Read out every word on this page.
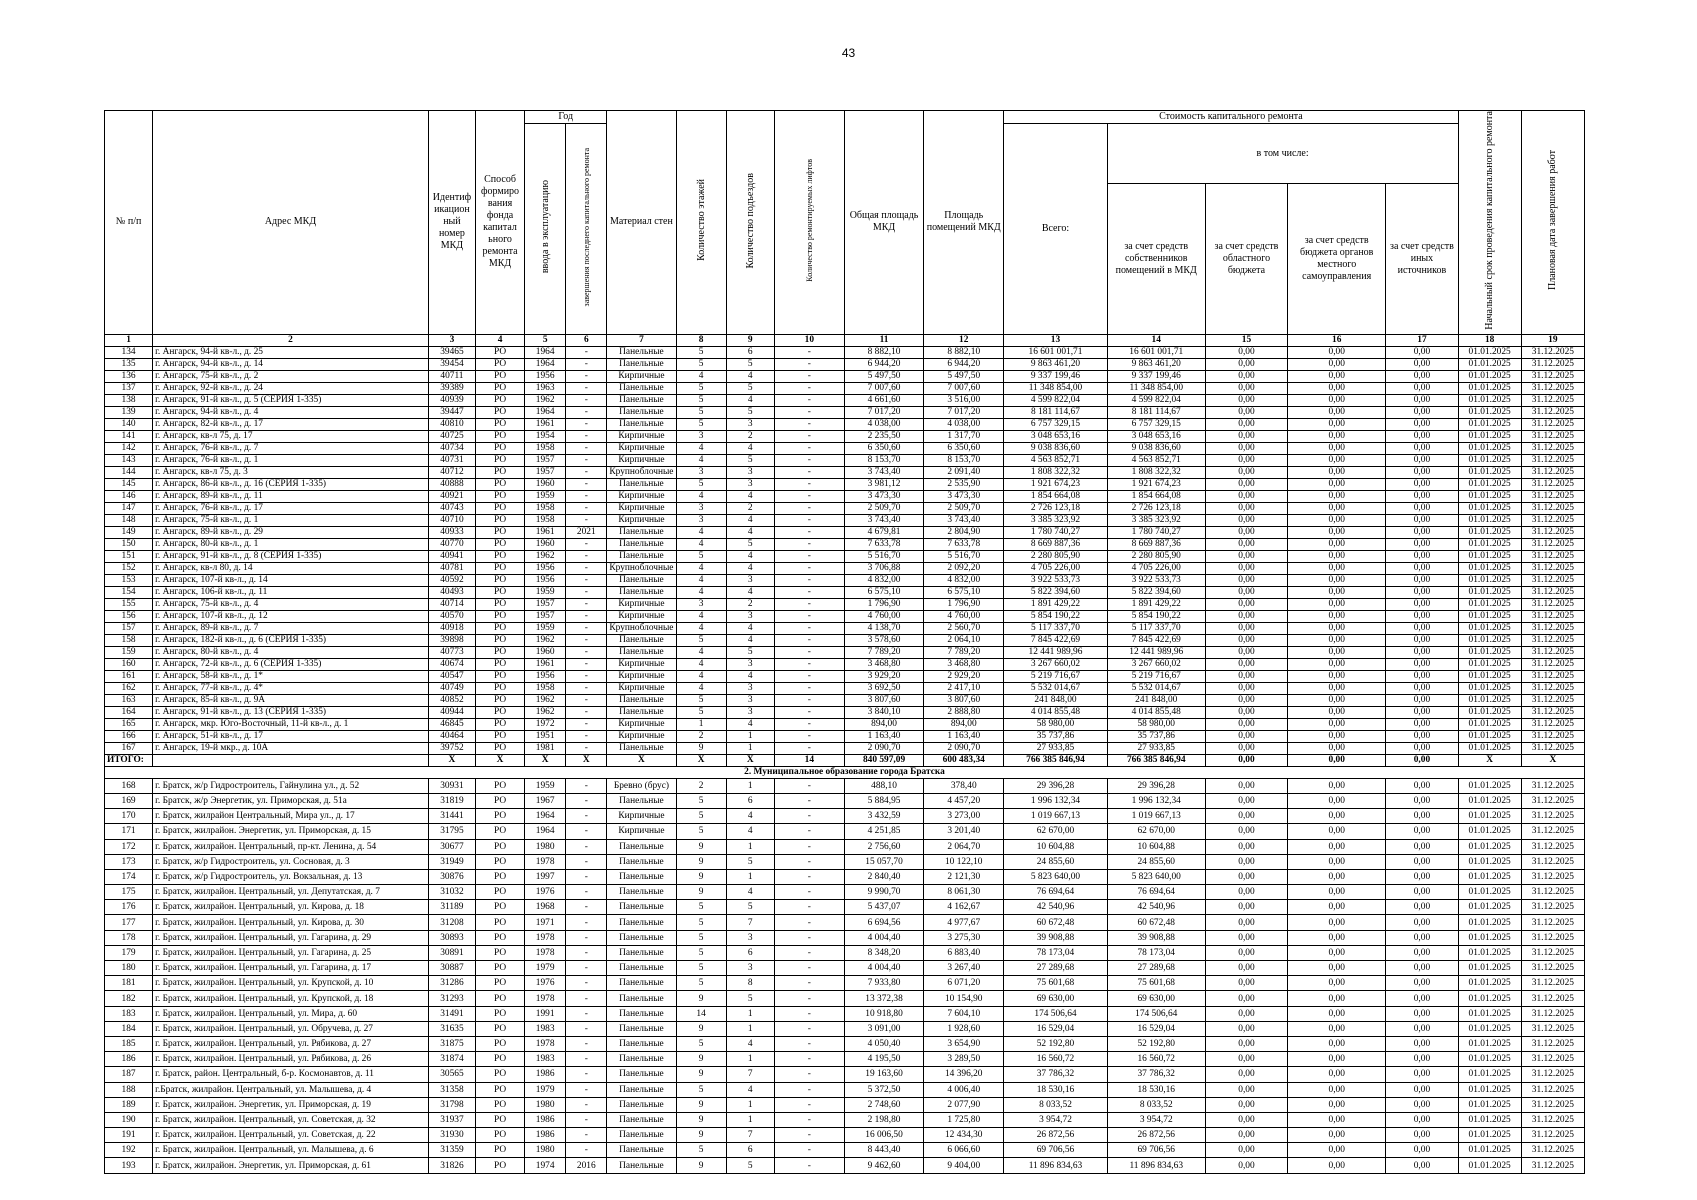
43
№ п/п	Адрес МКД	Идентиф икацион ный номер МКД	Способ формиро вания фонда капитал ьного ремонта МКД	Год		Материал стен	Количество этажей	Количество подъездов	Количество ремонтируемых лифтов	Общая площадь МКД	Площадь помещений МКД	Стоимость капитального ремонта					Начальный срок проведения капитального ремонта	Плановая дата завершения работ
				ввода в эксплуатацию	завершения последнего капитального ремонта							Всего:	в том числе:					
													за счет средств собственников помещений в МКД	за счет средств областного бюджета	за счет средств бюджета органов местного самоуправления	за счет средств иных источников		
1	2	3	4	5	6	7	8	9	10	11	12	13	14	15	16	17	18	19
134	г. Ангарск, 94-й кв-л., д. 25	39465	РО	1964	-	Панельные	5	6	-	8 882,10	8 882,10	16 601 001,71	16 601 001,71	0,00	0,00	0,00	01.01.2025	31.12.2025
135	г. Ангарск, 94-й кв-л., д. 14	39454	РО	1964	-	Панельные	5	5	-	6 944,20	6 944,20	9 863 461,20	9 863 461,20	0,00	0,00	0,00	01.01.2025	31.12.2025
136	г. Ангарск, 75-й кв-л., д. 2	40711	РО	1956	-	Кирпичные	4	4	-	5 497,50	5 497,50	9 337 199,46	9 337 199,46	0,00	0,00	0,00	01.01.2025	31.12.2025
137	г. Ангарск, 92-й кв-л., д. 24	39389	РО	1963	-	Панельные	5	5	-	7 007,60	7 007,60	11 348 854,00	11 348 854,00	0,00	0,00	0,00	01.01.2025	31.12.2025
138	г. Ангарск, 91-й кв-л., д. 5 (СЕРИЯ 1-335)	40939	РО	1962	-	Панельные	5	4	-	4 661,60	3 516,00	4 599 822,04	4 599 822,04	0,00	0,00	0,00	01.01.2025	31.12.2025
139	г. Ангарск, 94-й кв-л., д. 4	39447	РО	1964	-	Панельные	5	5	-	7 017,20	7 017,20	8 181 114,67	8 181 114,67	0,00	0,00	0,00	01.01.2025	31.12.2025
140	г. Ангарск, 82-й кв-л., д. 17	40810	РО	1961	-	Панельные	5	3	-	4 038,00	4 038,00	6 757 329,15	6 757 329,15	0,00	0,00	0,00	01.01.2025	31.12.2025
141	г. Ангарск, кв-л 75, д. 17	40725	РО	1954	-	Кирпичные	3	2	-	2 235,50	1 317,70	3 048 653,16	3 048 653,16	0,00	0,00	0,00	01.01.2025	31.12.2025
142	г. Ангарск, 76-й кв-л., д. 7	40734	РО	1958	-	Кирпичные	4	4	-	6 350,60	6 350,60	9 038 836,60	9 038 836,60	0,00	0,00	0,00	01.01.2025	31.12.2025
143	г. Ангарск, 76-й кв-л., д. 1	40731	РО	1957	-	Кирпичные	4	5	-	8 153,70	8 153,70	4 563 852,71	4 563 852,71	0,00	0,00	0,00	01.01.2025	31.12.2025
144	г. Ангарск, кв-л 75, д. 3	40712	РО	1957	-	Крупноблочные	3	3	-	3 743,40	2 091,40	1 808 322,32	1 808 322,32	0,00	0,00	0,00	01.01.2025	31.12.2025
145	г. Ангарск, 86-й кв-л., д. 16 (СЕРИЯ 1-335)	40888	РО	1960	-	Панельные	5	3	-	3 981,12	2 535,90	1 921 674,23	1 921 674,23	0,00	0,00	0,00	01.01.2025	31.12.2025
146	г. Ангарск, 89-й кв-л., д. 11	40921	РО	1959	-	Кирпичные	4	4	-	3 473,30	3 473,30	1 854 664,08	1 854 664,08	0,00	0,00	0,00	01.01.2025	31.12.2025
147	г. Ангарск, 76-й кв-л., д. 17	40743	РО	1958	-	Кирпичные	3	2	-	2 509,70	2 509,70	2 726 123,18	2 726 123,18	0,00	0,00	0,00	01.01.2025	31.12.2025
148	г. Ангарск, 75-й кв-л., д. 1	40710	РО	1958	-	Кирпичные	3	4	-	3 743,40	3 743,40	3 385 323,92	3 385 323,92	0,00	0,00	0,00	01.01.2025	31.12.2025
149	г. Ангарск, 89-й кв-л., д. 29	40933	РО	1961	2021	Панельные	4	4	-	4 679,81	2 804,90	1 780 740,27	1 780 740,27	0,00	0,00	0,00	01.01.2025	31.12.2025
150	г. Ангарск, 80-й кв-л., д. 1	40770	РО	1960	-	Панельные	4	5	-	7 633,78	7 633,78	8 669 887,36	8 669 887,36	0,00	0,00	0,00	01.01.2025	31.12.2025
151	г. Ангарск, 91-й кв-л., д. 8 (СЕРИЯ 1-335)	40941	РО	1962	-	Панельные	5	4	-	5 516,70	5 516,70	2 280 805,90	2 280 805,90	0,00	0,00	0,00	01.01.2025	31.12.2025
152	г. Ангарск, кв-л 80, д. 14	40781	РО	1956	-	Крупноблочные	4	4	-	3 706,88	2 092,20	4 705 226,00	4 705 226,00	0,00	0,00	0,00	01.01.2025	31.12.2025
153	г. Ангарск, 107-й кв-л., д. 14	40592	РО	1956	-	Панельные	4	3	-	4 832,00	4 832,00	3 922 533,73	3 922 533,73	0,00	0,00	0,00	01.01.2025	31.12.2025
154	г. Ангарск, 106-й кв-л., д. 11	40493	РО	1959	-	Панельные	4	4	-	6 575,10	6 575,10	5 822 394,60	5 822 394,60	0,00	0,00	0,00	01.01.2025	31.12.2025
155	г. Ангарск, 75-й кв-л., д. 4	40714	РО	1957	-	Кирпичные	3	2	-	1 796,90	1 796,90	1 891 429,22	1 891 429,22	0,00	0,00	0,00	01.01.2025	31.12.2025
156	г. Ангарск, 107-й кв-л., д. 12	40570	РО	1957	-	Кирпичные	4	3	-	4 760,00	4 760,00	5 854 190,22	5 854 190,22	0,00	0,00	0,00	01.01.2025	31.12.2025
157	г. Ангарск, 89-й кв-л., д. 7	40918	РО	1959	-	Крупноблочные	4	4	-	4 138,70	2 560,70	5 117 337,70	5 117 337,70	0,00	0,00	0,00	01.01.2025	31.12.2025
158	г. Ангарск, 182-й кв-л., д. 6 (СЕРИЯ 1-335)	39898	РО	1962	-	Панельные	5	4	-	3 578,60	2 064,10	7 845 422,69	7 845 422,69	0,00	0,00	0,00	01.01.2025	31.12.2025
159	г. Ангарск, 80-й кв-л., д. 4	40773	РО	1960	-	Панельные	4	5	-	7 789,20	7 789,20	12 441 989,96	12 441 989,96	0,00	0,00	0,00	01.01.2025	31.12.2025
160	г. Ангарск, 72-й кв-л., д. 6 (СЕРИЯ 1-335)	40674	РО	1961	-	Кирпичные	4	3	-	3 468,80	3 468,80	3 267 660,02	3 267 660,02	0,00	0,00	0,00	01.01.2025	31.12.2025
161	г. Ангарск, 58-й кв-л., д. 1*	40547	РО	1956	-	Кирпичные	4	4	-	3 929,20	2 929,20	5 219 716,67	5 219 716,67	0,00	0,00	0,00	01.01.2025	31.12.2025
162	г. Ангарск, 77-й кв-л., д. 4*	40749	РО	1958	-	Кирпичные	4	3	-	3 692,50	2 417,10	5 532 014,67	5 532 014,67	0,00	0,00	0,00	01.01.2025	31.12.2025
163	г. Ангарск, 85-й кв-л., д. 9А	40852	РО	1962	-	Панельные	5	3	-	3 807,60	3 807,60	241 848,00	241 848,00	0,00	0,00	0,00	01.01.2025	31.12.2025
164	г. Ангарск, 91-й кв-л., д. 13 (СЕРИЯ 1-335)	40944	РО	1962	-	Панельные	5	3	-	3 840,10	2 888,80	4 014 855,48	4 014 855,48	0,00	0,00	0,00	01.01.2025	31.12.2025
165	г. Ангарск, мкр. Юго-Восточный, 11-й кв-л., д. 1	46845	РО	1972	-	Кирпичные	1	4	-	894,00	894,00	58 980,00	58 980,00	0,00	0,00	0,00	01.01.2025	31.12.2025
166	г. Ангарск, 51-й кв-л., д. 17	40464	РО	1951	-	Кирпичные	2	1	-	1 163,40	1 163,40	35 737,86	35 737,86	0,00	0,00	0,00	01.01.2025	31.12.2025
167	г. Ангарск, 19-й мкр., д. 10А	39752	РО	1981	-	Панельные	9	1	-	2 090,70	2 090,70	27 933,85	27 933,85	0,00	0,00	0,00	01.01.2025	31.12.2025
ИТОГО:		Х	Х	Х	Х	Х	Х	Х	14	840 597,09	600 483,34	766 385 846,94	766 385 846,94	0,00	0,00	0,00	Х	Х
2. Муниципальное образование города Братска																		
168	г. Братск, ж/р Гидростроитель, Гайнулина ул., д. 52	30931	РО	1959	-	Бревно (брус)	2	1	-	488,10	378,40	29 396,28	29 396,28	0,00	0,00	0,00	01.01.2025	31.12.2025
169	г. Братск, ж/р Энергетик, ул. Приморская, д. 51а	31819	РО	1967	-	Панельные	5	6	-	5 884,95	4 457,20	1 996 132,34	1 996 132,34	0,00	0,00	0,00	01.01.2025	31.12.2025
170	г. Братск, жилрайон Центральный, Мира ул., д. 17	31441	РО	1964	-	Кирпичные	5	4	-	3 432,59	3 273,00	1 019 667,13	1 019 667,13	0,00	0,00	0,00	01.01.2025	31.12.2025
171	г. Братск, жилрайон. Энергетик, ул. Приморская, д. 15	31795	РО	1964	-	Кирпичные	5	4	-	4 251,85	3 201,40	62 670,00	62 670,00	0,00	0,00	0,00	01.01.2025	31.12.2025
172	г. Братск, жилрайон. Центральный, пр-кт. Ленина, д. 54	30677	РО	1980	-	Панельные	9	1	-	2 756,60	2 064,70	10 604,88	10 604,88	0,00	0,00	0,00	01.01.2025	31.12.2025
173	г. Братск, ж/р Гидростроитель, ул. Сосновая, д. 3	31949	РО	1978	-	Панельные	9	5	-	15 057,70	10 122,10	24 855,60	24 855,60	0,00	0,00	0,00	01.01.2025	31.12.2025
174	г. Братск, ж/р Гидростроитель, ул. Вокзальная, д. 13	30876	РО	1997	-	Панельные	9	1	-	2 840,40	2 121,30	5 823 640,00	5 823 640,00	0,00	0,00	0,00	01.01.2025	31.12.2025
175	г. Братск, жилрайон. Центральный, ул. Депутатская, д. 7	31032	РО	1976	-	Панельные	9	4	-	9 990,70	8 061,30	76 694,64	76 694,64	0,00	0,00	0,00	01.01.2025	31.12.2025
176	г. Братск, жилрайон. Центральный, ул. Кирова, д. 18	31189	РО	1968	-	Панельные	5	5	-	5 437,07	4 162,67	42 540,96	42 540,96	0,00	0,00	0,00	01.01.2025	31.12.2025
177	г. Братск, жилрайон. Центральный, ул. Кирова, д. 30	31208	РО	1971	-	Панельные	5	7	-	6 694,56	4 977,67	60 672,48	60 672,48	0,00	0,00	0,00	01.01.2025	31.12.2025
178	г. Братск, жилрайон. Центральный, ул. Гагарина, д. 29	30893	РО	1978	-	Панельные	5	3	-	4 004,40	3 275,30	39 908,88	39 908,88	0,00	0,00	0,00	01.01.2025	31.12.2025
179	г. Братск, жилрайон. Центральный, ул. Гагарина, д. 25	30891	РО	1978	-	Панельные	5	6	-	8 348,20	6 883,40	78 173,04	78 173,04	0,00	0,00	0,00	01.01.2025	31.12.2025
180	г. Братск, жилрайон. Центральный, ул. Гагарина, д. 17	30887	РО	1979	-	Панельные	5	3	-	4 004,40	3 267,40	27 289,68	27 289,68	0,00	0,00	0,00	01.01.2025	31.12.2025
181	г. Братск, жилрайон. Центральный, ул. Крупской, д. 10	31286	РО	1976	-	Панельные	5	8	-	7 933,80	6 071,20	75 601,68	75 601,68	0,00	0,00	0,00	01.01.2025	31.12.2025
182	г. Братск, жилрайон. Центральный, ул. Крупской, д. 18	31293	РО	1978	-	Панельные	9	5	-	13 372,38	10 154,90	69 630,00	69 630,00	0,00	0,00	0,00	01.01.2025	31.12.2025
183	г. Братск, жилрайон. Центральный, ул. Мира, д. 60	31491	РО	1991	-	Панельные	14	1	-	10 918,80	7 604,10	174 506,64	174 506,64	0,00	0,00	0,00	01.01.2025	31.12.2025
184	г. Братск, жилрайон. Центральный, ул. Обручева, д. 27	31635	РО	1983	-	Панельные	9	1	-	3 091,00	1 928,60	16 529,04	16 529,04	0,00	0,00	0,00	01.01.2025	31.12.2025
185	г. Братск, жилрайон. Центральный, ул. Рябикова, д. 27	31875	РО	1978	-	Панельные	5	4	-	4 050,40	3 654,90	52 192,80	52 192,80	0,00	0,00	0,00	01.01.2025	31.12.2025
186	г. Братск, жилрайон. Центральный, ул. Рябикова, д. 26	31874	РО	1983	-	Панельные	9	1	-	4 195,50	3 289,50	16 560,72	16 560,72	0,00	0,00	0,00	01.01.2025	31.12.2025
187	г. Братск, район. Центральный, б-р. Космонавтов, д. 11	30565	РО	1986	-	Панельные	9	7	-	19 163,60	14 396,20	37 786,32	37 786,32	0,00	0,00	0,00	01.01.2025	31.12.2025
188	г.Братск, жилрайон. Центральный, ул. Малышева, д. 4	31358	РО	1979	-	Панельные	5	4	-	5 372,50	4 006,40	18 530,16	18 530,16	0,00	0,00	0,00	01.01.2025	31.12.2025
189	г. Братск, жилрайон. Энергетик, ул. Приморская, д. 19	31798	РО	1980	-	Панельные	9	1	-	2 748,60	2 077,90	8 033,52	8 033,52	0,00	0,00	0,00	01.01.2025	31.12.2025
190	г. Братск, жилрайон. Центральный, ул. Советская, д. 32	31937	РО	1986	-	Панельные	9	1	-	2 198,80	1 725,80	3 954,72	3 954,72	0,00	0,00	0,00	01.01.2025	31.12.2025
191	г. Братск, жилрайон. Центральный, ул. Советская, д. 22	31930	РО	1986	-	Панельные	9	7	-	16 006,50	12 434,30	26 872,56	26 872,56	0,00	0,00	0,00	01.01.2025	31.12.2025
192	г. Братск, жилрайон. Центральный, ул. Малышева, д. 6	31359	РО	1980	-	Панельные	5	6	-	8 443,40	6 066,60	69 706,56	69 706,56	0,00	0,00	0,00	01.01.2025	31.12.2025
193	г. Братск, жилрайон. Энергетик, ул. Приморская, д. 61	31826	РО	1974	2016	Панельные	9	5	-	9 462,60	9 404,00	11 896 834,63	11 896 834,63	0,00	0,00	0,00	01.01.2025	31.12.2025
